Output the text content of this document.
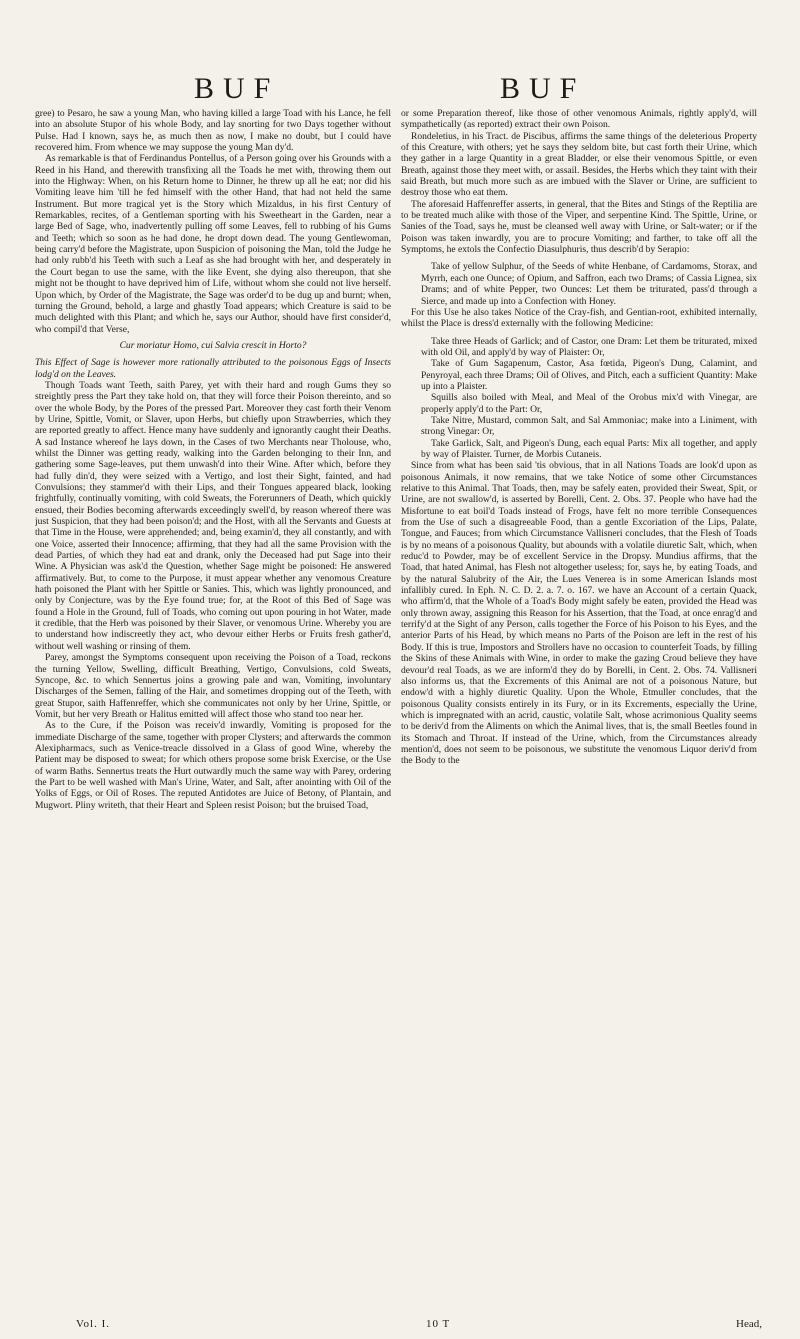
BUF	BUF

gree) to Pesaro, he saw a young Man, who having killed a large Toad with his Lance, he fell into an absolute Stupor of his whole Body, and lay snorting for two Days together without Pulse. Had I known, says he, as much then as now, I make no doubt, but I could have recovered him. From whence we may suppose the young Man dy'd.

As remarkable is that of Ferdinandus Pontellus, of a Person going over his Grounds with a Reed in his Hand, and therewith transfixing all the Toads he met with, throwing them out into the Highway: When, on his Return home to Dinner, he threw up all he eat; nor did his Vomiting leave him 'till he fed himself with the other Hand, that had not held the same Instrument. But more tragical yet is the Story which Mizaldus, in his first Century of Remarkables, recites, of a Gentleman sporting with his Sweetheart in the Garden, near a large Bed of Sage, who, inadvertently pulling off some Leaves, fell to rubbing of his Gums and Teeth; which so soon as he had done, he dropt down dead. The young Gentlewoman, being carry'd before the Magistrate, upon Suspicion of poisoning the Man, told the Judge he had only rubb'd his Teeth with such a Leaf as she had brought with her, and desperately in the Court began to use the same, with the like Event, she dying also thereupon, that she might not be thought to have deprived him of Life, without whom she could not live herself. Upon which, by Order of the Magistrate, the Sage was order'd to be dug up and burnt; when, turning the Ground, behold, a large and ghastly Toad appears; which Creature is said to be much delighted with this Plant; and which he, says our Author, should have first consider'd, who compil'd that Verse,

Cur moriatur Homo, cui Salvia crescit in Horto?

This Effect of Sage is however more rationally attributed to the poisonous Eggs of Insects lodg'd on the Leaves.

Though Toads want Teeth, saith Parey, yet with their hard and rough Gums they so streightly press the Part they take hold on, that they will force their Poison thereinto, and so over the whole Body, by the Pores of the pressed Part. Moreover they cast forth their Venom by Urine, Spittle, Vomit, or Slaver, upon Herbs, but chiefly upon Strawberries, which they are reported greatly to affect. Hence many have suddenly and ignorantly caught their Deaths. A sad Instance whereof he lays down, in the Cases of two Merchants near Tholouse, who, whilst the Dinner was getting ready, walking into the Garden belonging to their Inn, and gathering some Sage-leaves, put them unwash'd into their Wine. After which, before they had fully din'd, they were seized with a Vertigo, and lost their Sight, fainted, and had Convulsions; they stammer'd with their Lips, and their Tongues appeared black, looking frightfully, continually vomiting, with cold Sweats, the Forerunners of Death, which quickly ensued, their Bodies becoming afterwards exceedingly swell'd, by reason whereof there was just Suspicion, that they had been poison'd; and the Host, with all the Servants and Guests at that Time in the House, were apprehended; and, being examin'd, they all constantly, and with one Voice, asserted their Innocence; affirming, that they had all the same Provision with the dead Parties, of which they had eat and drank, only the Deceased had put Sage into their Wine. A Physician was ask'd the Question, whether Sage might be poisoned: He answered affirmatively. But, to come to the Purpose, it must appear whether any venomous Creature hath poisoned the Plant with her Spittle or Sanies. This, which was lightly pronounced, and only by Conjecture, was by the Eye found true; for, at the Root of this Bed of Sage was found a Hole in the Ground, full of Toads, who coming out upon pouring in hot Water, made it credible, that the Herb was poisoned by their Slaver, or venomous Urine. Whereby you are to understand how indiscreetly they act, who devour either Herbs or Fruits fresh gather'd, without well washing or rinsing of them.

Parey, amongst the Symptoms consequent upon receiving the Poison of a Toad, reckons the turning Yellow, Swelling, difficult Breathing, Vertigo, Convulsions, cold Sweats, Syncope, &c. to which Sennertus joins a growing pale and wan, Vomiting, involuntary Discharges of the Semen, falling of the Hair, and sometimes dropping out of the Teeth, with great Stupor, saith Haffenreffer, which she communicates not only by her Urine, Spittle, or Vomit, but her very Breath or Halitus emitted will affect those who stand too near her.

As to the Cure, if the Poison was receiv'd inwardly, Vomiting is proposed for the immediate Discharge of the same, together with proper Clysters; and afterwards the common Alexipharmacs, such as Venice-treacle dissolved in a Glass of good Wine, whereby the Patient may be disposed to sweat; for which others propose some brisk Exercise, or the Use of warm Baths. Sennertus treats the Hurt outwardly much the same way with Parey, ordering the Part to be well washed with Man's Urine, Water, and Salt, after anointing with Oil of the Yolks of Eggs, or Oil of Roses. The reputed Antidotes are Juice of Betony, of Plantain, and Mugwort. Pliny writeth, that their Heart and Spleen resist Poison; but the bruised Toad,

or some Preparation thereof, like those of other venomous Animals, rightly apply'd, will sympathetically (as reported) extract their own Poison.

Rondeletius, in his Tract. de Piscibus, affirms the same things of the deleterious Property of this Creature, with others; yet he says they seldom bite, but cast forth their Urine, which they gather in a large Quantity in a great Bladder, or else their venomous Spittle, or even Breath, against those they meet with, or assail. Besides, the Herbs which they taint with their said Breath, but much more such as are imbued with the Slaver or Urine, are sufficient to destroy those who eat them.

The aforesaid Haffenreffer asserts, in general, that the Bites and Stings of the Reptilia are to be treated much alike with those of the Viper, and serpentine Kind. The Spittle, Urine, or Sanies of the Toad, says he, must be cleansed well away with Urine, or Salt-water; or if the Poison was taken inwardly, you are to procure Vomiting; and farther, to take off all the Symptoms, he extols the Confectio Diasulphuris, thus describ'd by Serapio:

Take of yellow Sulphur, of the Seeds of white Henbane, of Cardamoms, Storax, and Myrrh, each one Ounce; of Opium, and Saffron, each two Drams; of Cassia Lignea, six Drams; and of white Pepper, two Ounces: Let them be triturated, pass'd through a Sierce, and made up into a Confection with Honey.

For this Use he also takes Notice of the Cray-fish, and Gentian-root, exhibited internally, whilst the Place is dress'd externally with the following Medicine:

Take three Heads of Garlick; and of Castor, one Dram: Let them be triturated, mixed with old Oil, and apply'd by way of Plaister: Or,

Take of Gum Sagapenum, Castor, Asa fœtida, Pigeon's Dung, Calamint, and Penyroyal, each three Drams; Oil of Olives, and Pitch, each a sufficient Quantity: Make up into a Plaister.

Squills also boiled with Meal, and Meal of the Orobus mix'd with Vinegar, are properly apply'd to the Part: Or,

Take Nitre, Mustard, common Salt, and Sal Ammoniac; make into a Liniment, with strong Vinegar: Or,

Take Garlick, Salt, and Pigeon's Dung, each equal Parts: Mix all together, and apply by way of Plaister. Turner, de Morbis Cutaneis.

Since from what has been said 'tis obvious, that in all Nations Toads are look'd upon as poisonous Animals, it now remains, that we take Notice of some other Circumstances relative to this Animal. That Toads, then, may be safely eaten, provided their Sweat, Spit, or Urine, are not swallow'd, is asserted by Borelli, Cent. 2. Obs. 37. People who have had the Misfortune to eat boil'd Toads instead of Frogs, have felt no more terrible Consequences from the Use of such a disagreeable Food, than a gentle Excoriation of the Lips, Palate, Tongue, and Fauces; from which Circumstance Vallisneri concludes, that the Flesh of Toads is by no means of a poisonous Quality, but abounds with a volatile diuretic Salt, which, when reduc'd to Powder, may be of excellent Service in the Dropsy. Mundius affirms, that the Toad, that hated Animal, has Flesh not altogether useless; for, says he, by eating Toads, and by the natural Salubrity of the Air, the Lues Venerea is in some American Islands most infallibly cured. In Eph. N. C. D. 2. a. 7. o. 167. we have an Account of a certain Quack, who affirm'd, that the Whole of a Toad's Body might safely be eaten, provided the Head was only thrown away, assigning this Reason for his Assertion, that the Toad, at once enrag'd and terrify'd at the Sight of any Person, calls together the Force of his Poison to his Eyes, and the anterior Parts of his Head, by which means no Parts of the Poison are left in the rest of his Body. If this is true, Impostors and Strollers have no occasion to counterfeit Toads, by filling the Skins of these Animals with Wine, in order to make the gazing Croud believe they have devour'd real Toads, as we are inform'd they do by Borelli, in Cent. 2. Obs. 74. Vallisneri also informs us, that the Excrements of this Animal are not of a poisonous Nature, but endow'd with a highly diuretic Quality. Upon the Whole, Etmuller concludes, that the poisonous Quality consists entirely in its Fury, or in its Excrements, especially the Urine, which is impregnated with an acrid, caustic, volatile Salt, whose acrimonious Quality seems to be deriv'd from the Aliments on which the Animal lives, that is, the small Beetles found in its Stomach and Throat. If instead of the Urine, which, from the Circumstances already mention'd, does not seem to be poisonous, we substitute the venomous Liquor deriv'd from the Body to the

Vol. I.	10 T	Head,
